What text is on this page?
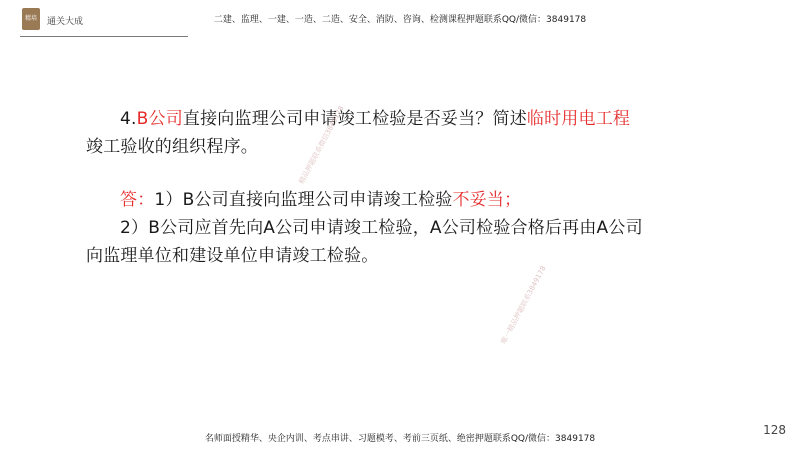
精培	通关大成	二建、监理、一建、一造、二造、安全、消防、咨询、检测课程押题联系QQ/微信：3849178
4.B公司直接向监理公司申请竣工检验是否妥当？简述临时用电工程竣工验收的组织程序。
答：1）B公司直接向监理公司申请竣工检验不妥当；
2）B公司应首先向A公司申请竣工检验，A公司检验合格后再由A公司向监理单位和建设单位申请竣工检验。
精品押题联系微信3849178
唯一精品押题联系3849178
名师面授精华、央企内训、考点串讲、习题模考、考前三页纸、绝密押题联系QQ/微信：3849178
128
